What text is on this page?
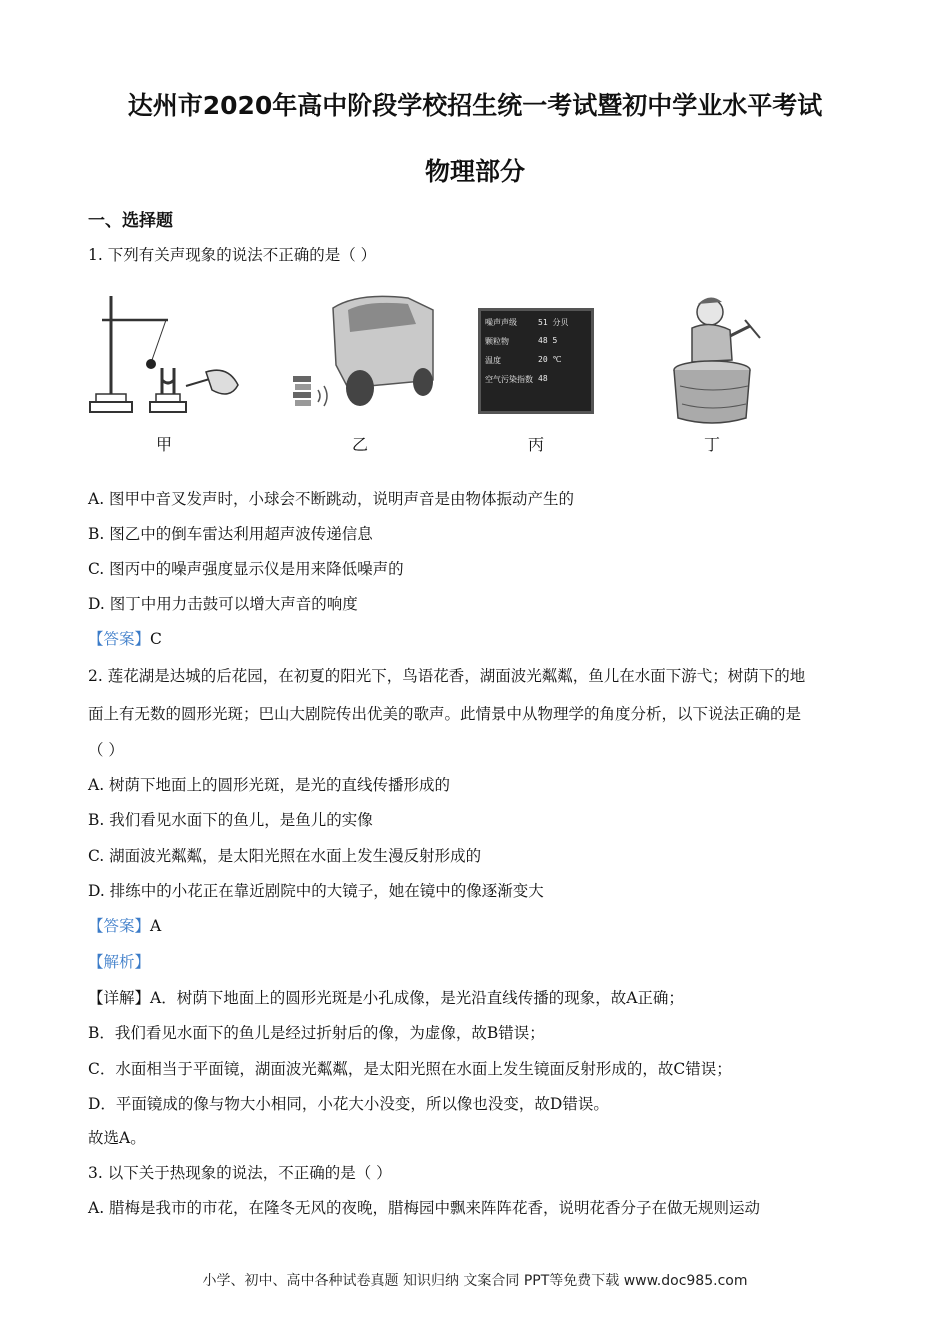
达州市2020年高中阶段学校招生统一考试暨初中学业水平考试
物理部分
一、选择题
1. 下列有关声现象的说法不正确的是（ ）
甲	乙
噪声声级	51 分贝
颗粒物	48 5
温度	20 ℃
空气污染指数 48
丙	丁
A. 图甲中音叉发声时，小球会不断跳动，说明声音是由物体振动产生的
B. 图乙中的倒车雷达利用超声波传递信息
C. 图丙中的噪声强度显示仪是用来降低噪声的
D. 图丁中用力击鼓可以增大声音的响度
【答案】C
2. 莲花湖是达城的后花园，在初夏的阳光下，鸟语花香，湖面波光粼粼，鱼儿在水面下游弋；树荫下的地
面上有无数的圆形光斑；巴山大剧院传出优美的歌声。此情景中从物理学的角度分析，以下说法正确的是
（ ）
A. 树荫下地面上的圆形光斑，是光的直线传播形成的
B. 我们看见水面下的鱼儿，是鱼儿的实像
C. 湖面波光粼粼，是太阳光照在水面上发生漫反射形成的
D. 排练中的小花正在靠近剧院中的大镜子，她在镜中的像逐渐变大
【答案】A
【解析】
【详解】A．树荫下地面上的圆形光斑是小孔成像，是光沿直线传播的现象，故A正确；
B．我们看见水面下的鱼儿是经过折射后的像，为虚像，故B错误；
C．水面相当于平面镜，湖面波光粼粼，是太阳光照在水面上发生镜面反射形成的，故C错误；
D．平面镜成的像与物大小相同，小花大小没变，所以像也没变，故D错误。
故选A。
3. 以下关于热现象的说法，不正确的是（ ）
A. 腊梅是我市的市花，在隆冬无风的夜晚，腊梅园中飘来阵阵花香，说明花香分子在做无规则运动
小学、初中、高中各种试卷真题 知识归纳 文案合同 PPT等免费下载 www.doc985.com
